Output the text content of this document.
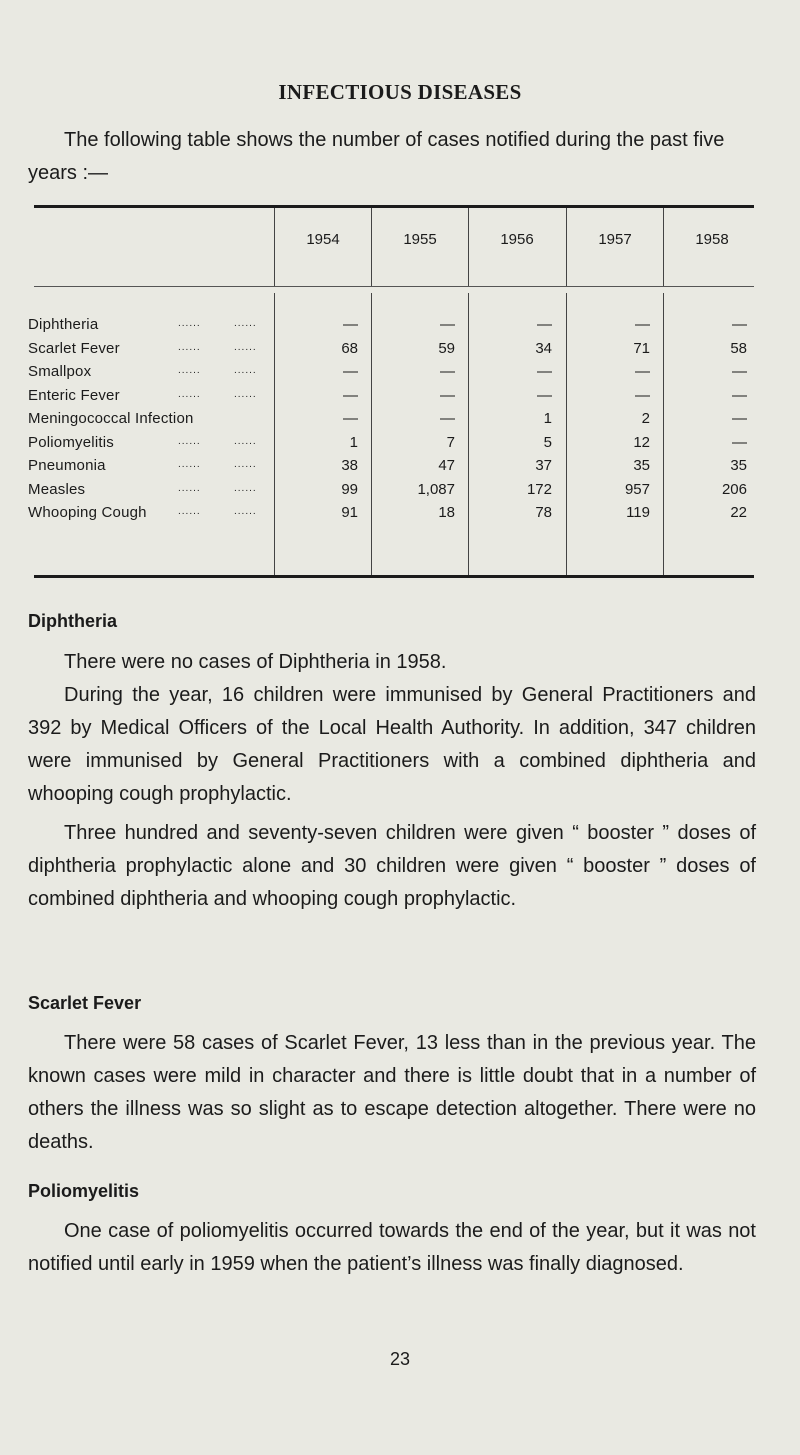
INFECTIOUS DISEASES
The following table shows the number of cases notified during the past five years :—
1954	1955	1956	1957	1958
Diphtheria	......	......	—	—	—	—	—
Scarlet Fever	......	......	68	59	34	71	58
Smallpox	......	......	—	—	—	—	—
Enteric Fever	......	......	—	—	—	—	—
Meningococcal Infection	—	—	1	2	—
Poliomyelitis	......	......	1	7	5	12	—
Pneumonia	......	......	38	47	37	35	35
Measles	......	......	99	1,087	172	957	206
Whooping Cough	......	......	91	18	78	119	22
Diphtheria

There were no cases of Diphtheria in 1958.

During the year, 16 children were immunised by General Practitioners and 392 by Medical Officers of the Local Health Authority. In addition, 347 children were immunised by General Practitioners with a combined diphtheria and whooping cough prophylactic.

Three hundred and seventy-seven children were given “ booster ” doses of diphtheria prophylactic alone and 30 children were given “ booster ” doses of combined diphtheria and whooping cough prophylactic.

Scarlet Fever

There were 58 cases of Scarlet Fever, 13 less than in the previous year. The known cases were mild in character and there is little doubt that in a number of others the illness was so slight as to escape detection altogether. There were no deaths.

Poliomyelitis

One case of poliomyelitis occurred towards the end of the year, but it was not notified until early in 1959 when the patient’s illness was finally diagnosed.

23
